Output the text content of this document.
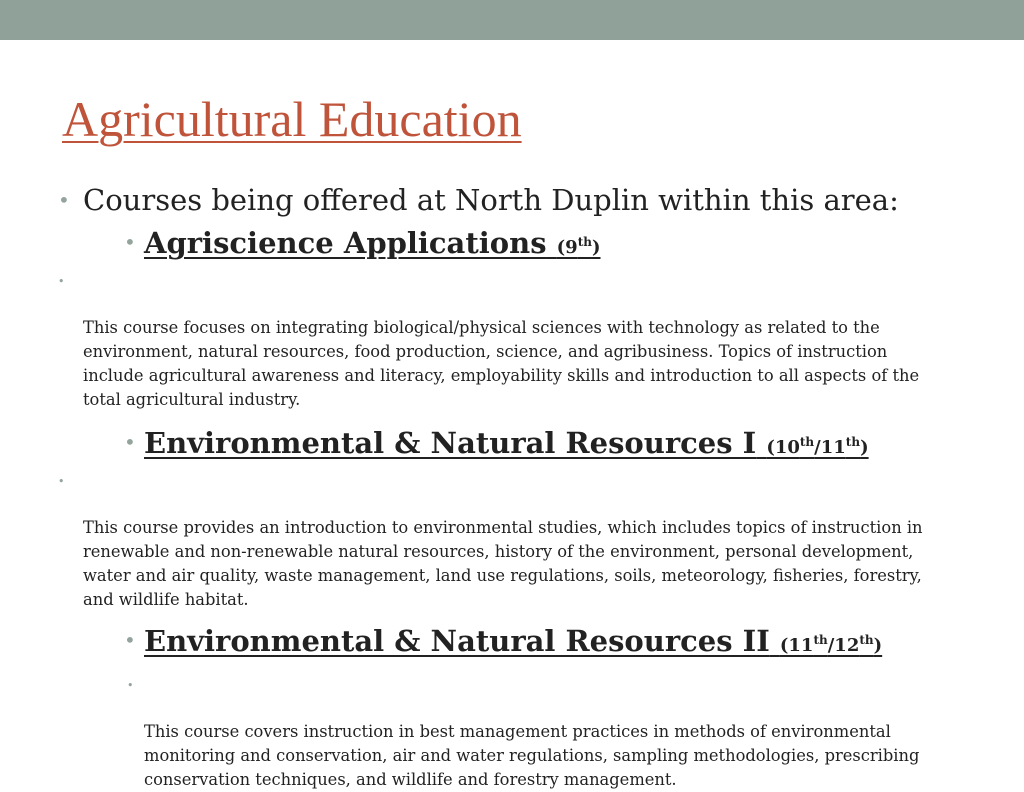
Agricultural Education
• Courses being offered at North Duplin within this area:
• Agriscience Applications (9th)

•

This course focuses on integrating biological/physical sciences with technology as related to the
environment, natural resources, food production, science, and agribusiness. Topics of instruction
include agricultural awareness and literacy, employability skills and introduction to all aspects of the
total agricultural industry.

• Environmental & Natural Resources I (10th/11th)

•

This course provides an introduction to environmental studies, which includes topics of instruction in
renewable and non-renewable natural resources, history of the environment, personal development,
water and air quality, waste management, land use regulations, soils, meteorology, fisheries, forestry,
and wildlife habitat.

• Environmental & Natural Resources II (11th/12th)

•

This course covers instruction in best management practices in methods of environmental
monitoring and conservation, air and water regulations, sampling methodologies, prescribing
conservation techniques, and wildlife and forestry management.
